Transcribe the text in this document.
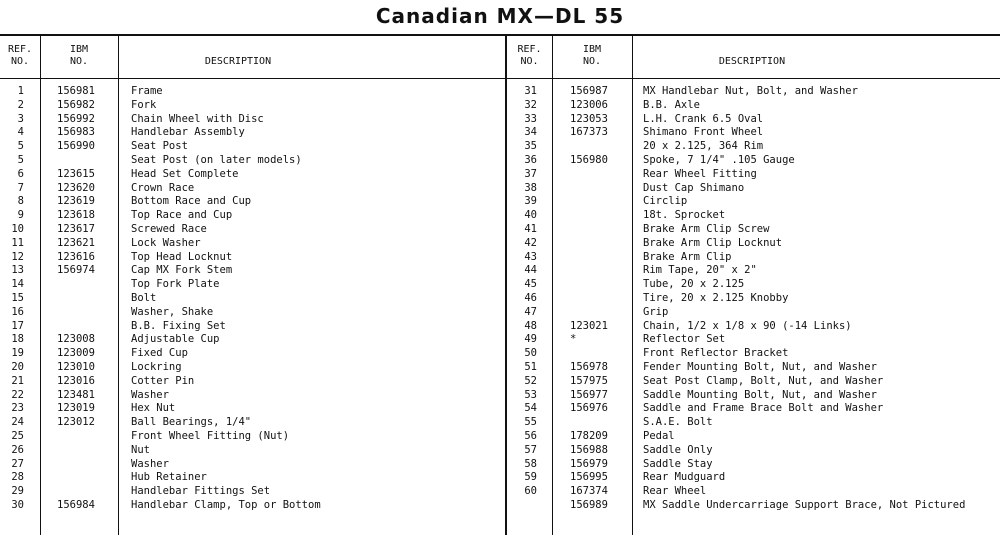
Canadian MX—DL 55
REF.
NO.
IBM
NO.	DESCRIPTION
REF.
NO.
IBM
NO.	DESCRIPTION
1
2
3
4
5
5
6
7
8
9
10
11
12
13
14
15
16
17
18
19
20
21
22
23
24
25
26
27
28
29
30
156981
156982
156992
156983
156990
123615
123620
123619
123618
123617
123621
123616
156974
123008
123009
123010
123016
123481
123019
123012
156984
Frame
Fork
Chain Wheel with Disc
Handlebar Assembly
Seat Post
Seat Post (on later models)
Head Set Complete
Crown Race
Bottom Race and Cup
Top Race and Cup
Screwed Race
Lock Washer
Top Head Locknut
Cap MX Fork Stem
Top Fork Plate
Bolt
Washer, Shake
B.B. Fixing Set
Adjustable Cup
Fixed Cup
Lockring
Cotter Pin
Washer
Hex Nut
Ball Bearings, 1/4"
Front Wheel Fitting (Nut)
Nut
Washer
Hub Retainer
Handlebar Fittings Set
Handlebar Clamp, Top or Bottom
31
32
33
34
35
36
37
38
39
40
41
42
43
44
45
46
47
48
49
50
51
52
53
54
55
56
57
58
59
60
156987
123006
123053
167373
156980
123021
*
156978
157975
156977
156976
178209
156988
156979
156995
167374
156989
MX Handlebar Nut, Bolt, and Washer
B.B. Axle
L.H. Crank 6.5 Oval
Shimano Front Wheel
20 x 2.125, 364 Rim
Spoke, 7 1/4" .105 Gauge
Rear Wheel Fitting
Dust Cap Shimano
Circlip
18t. Sprocket
Brake Arm Clip Screw
Brake Arm Clip Locknut
Brake Arm Clip
Rim Tape, 20" x 2"
Tube, 20 x 2.125
Tire, 20 x 2.125 Knobby
Grip
Chain, 1/2 x 1/8 x 90 (-14 Links)
Reflector Set
Front Reflector Bracket
Fender Mounting Bolt, Nut, and Washer
Seat Post Clamp, Bolt, Nut, and Washer
Saddle Mounting Bolt, Nut, and Washer
Saddle and Frame Brace Bolt and Washer
S.A.E. Bolt
Pedal
Saddle Only
Saddle Stay
Rear Mudguard
Rear Wheel
MX Saddle Undercarriage Support Brace, Not Pictured
